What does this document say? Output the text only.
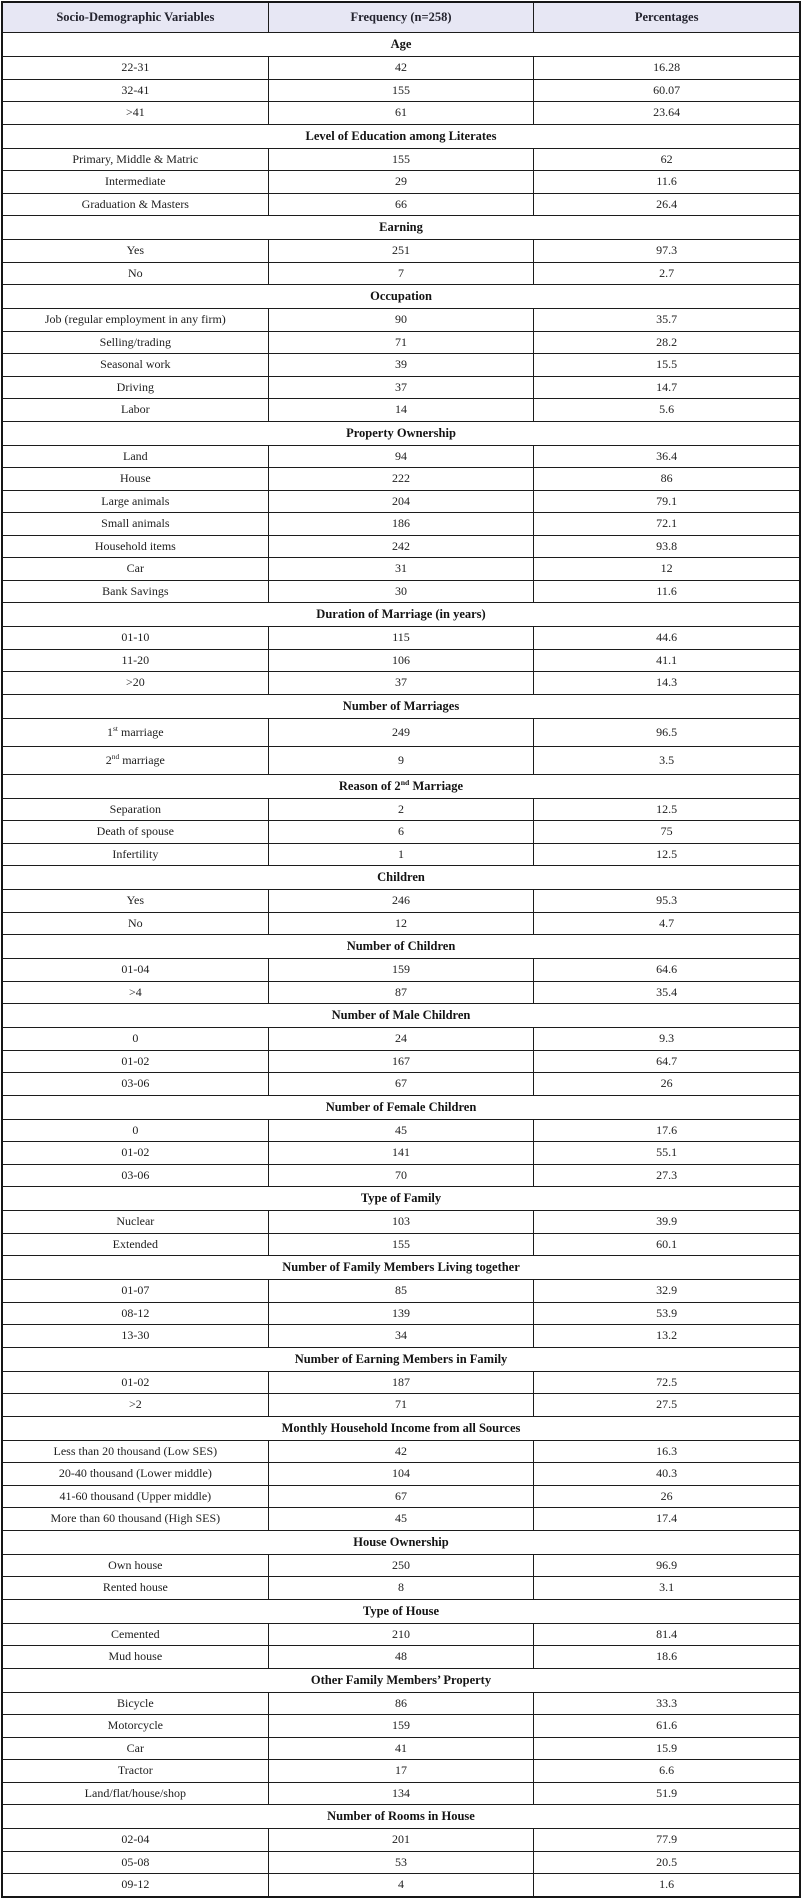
Socio-Demographic Variables	Frequency (n=258)	Percentages
Age		
22-31	42	16.28
32-41	155	60.07
>41	61	23.64
Level of Education among Literates		
Primary, Middle & Matric	155	62
Intermediate	29	11.6
Graduation & Masters	66	26.4
Earning		
Yes	251	97.3
No	7	2.7
Occupation		
Job (regular employment in any firm)	90	35.7
Selling/trading	71	28.2
Seasonal work	39	15.5
Driving	37	14.7
Labor	14	5.6
Property Ownership		
Land	94	36.4
House	222	86
Large animals	204	79.1
Small animals	186	72.1
Household items	242	93.8
Car	31	12
Bank Savings	30	11.6
Duration of Marriage (in years)		
01-10	115	44.6
11-20	106	41.1
>20	37	14.3
Number of Marriages		
1st marriage	249	96.5
2nd marriage	9	3.5
Reason of 2nd Marriage		
Separation	2	12.5
Death of spouse	6	75
Infertility	1	12.5
Children		
Yes	246	95.3
No	12	4.7
Number of Children		
01-04	159	64.6
>4	87	35.4
Number of Male Children		
0	24	9.3
01-02	167	64.7
03-06	67	26
Number of Female Children		
0	45	17.6
01-02	141	55.1
03-06	70	27.3
Type of Family		
Nuclear	103	39.9
Extended	155	60.1
Number of Family Members Living together		
01-07	85	32.9
08-12	139	53.9
13-30	34	13.2
Number of Earning Members in Family		
01-02	187	72.5
>2	71	27.5
Monthly Household Income from all Sources		
Less than 20 thousand (Low SES)	42	16.3
20-40 thousand (Lower middle)	104	40.3
41-60 thousand (Upper middle)	67	26
More than 60 thousand (High SES)	45	17.4
House Ownership		
Own house	250	96.9
Rented house	8	3.1
Type of House		
Cemented	210	81.4
Mud house	48	18.6
Other Family Members’ Property		
Bicycle	86	33.3
Motorcycle	159	61.6
Car	41	15.9
Tractor	17	6.6
Land/flat/house/shop	134	51.9
Number of Rooms in House		
02-04	201	77.9
05-08	53	20.5
09-12	4	1.6
